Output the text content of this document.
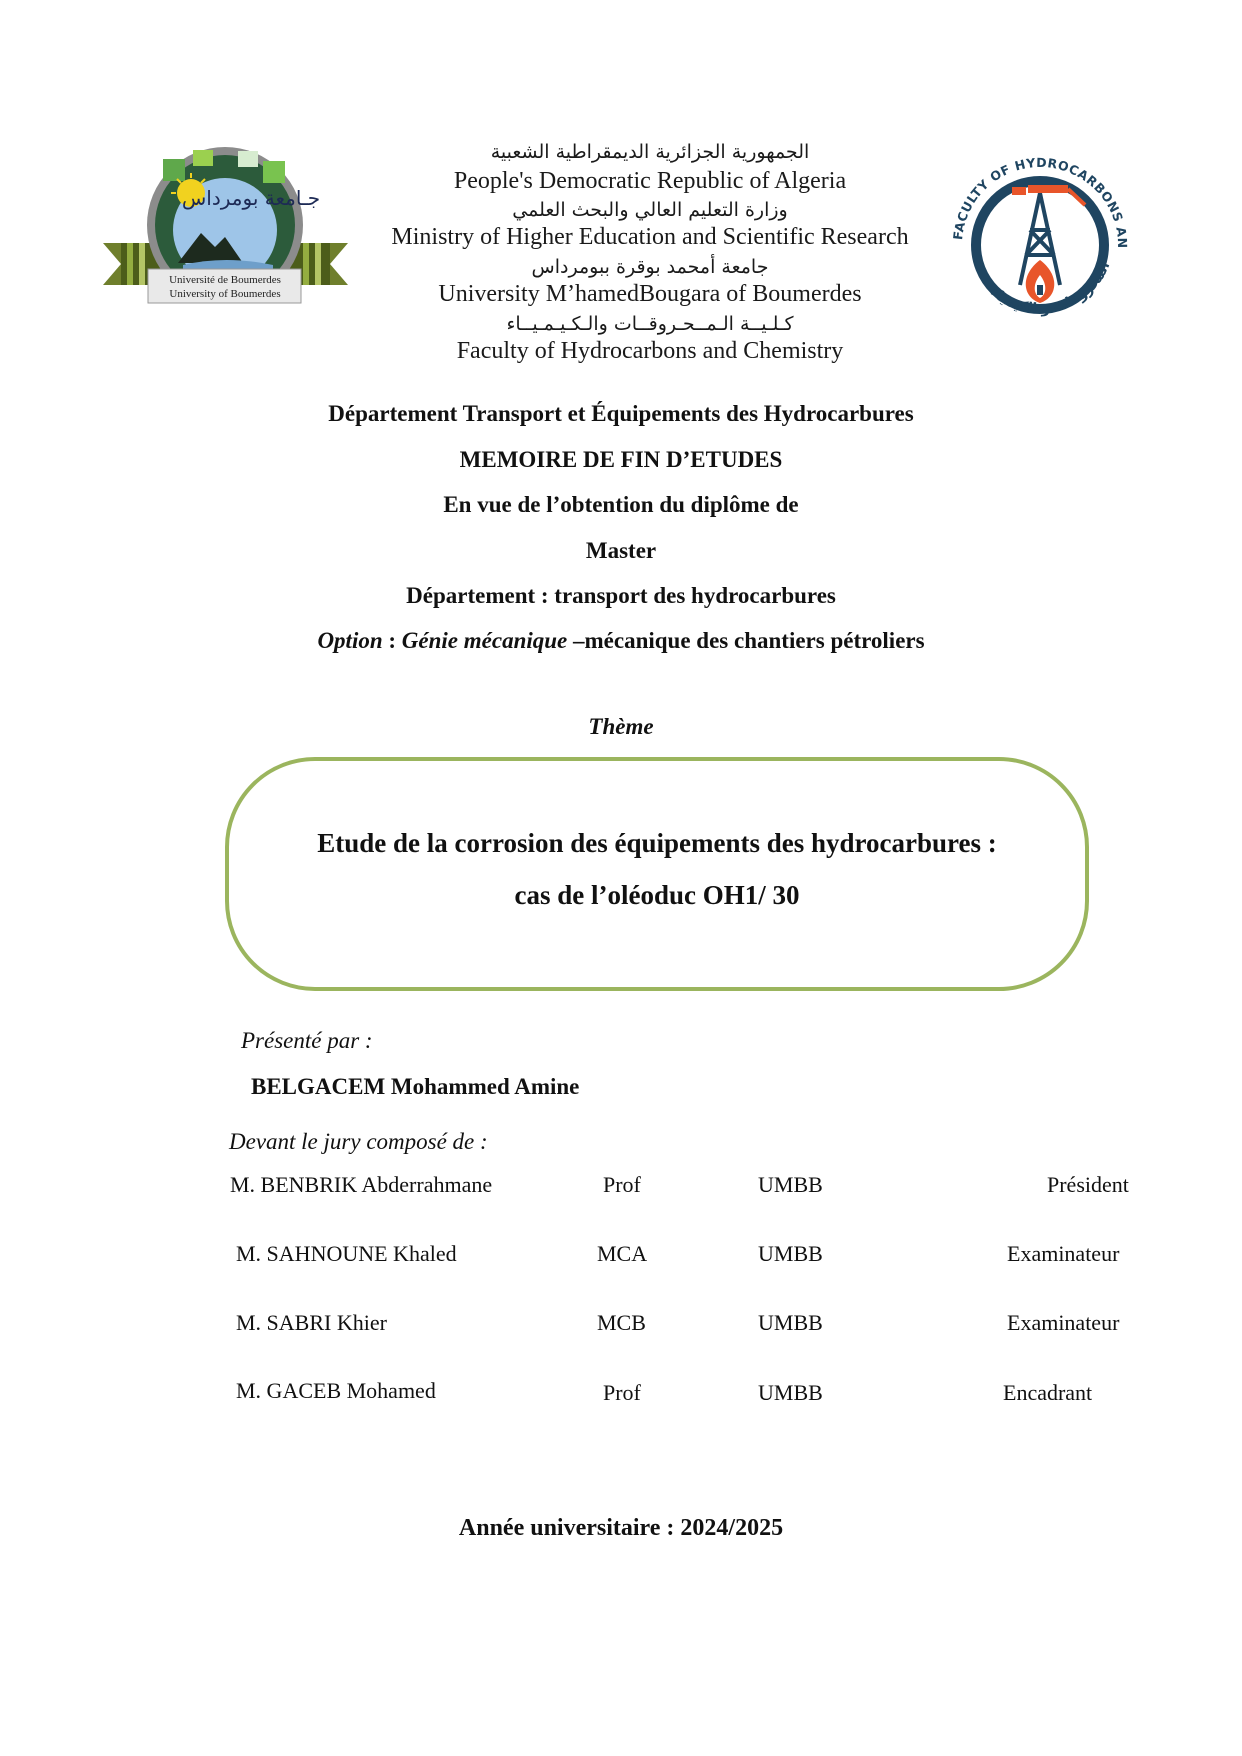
جـامعة بومرداس
Université de Boumerdes
University of Boumerdes
FACULTY OF HYDROCARBONS AN
المحروقات و الكيمياء
الجمهورية الجزائرية الديمقراطية الشعبية
People's Democratic Republic of Algeria
وزارة التعليم العالي والبحث العلمي
Ministry of Higher Education and Scientific Research
جامعة أمحمد بوقرة ببومرداس
University M’hamedBougara of Boumerdes
كـلـيــة الـمــحـروقــات والـكـيـمـيــاء
Faculty of Hydrocarbons and Chemistry
Département Transport et Équipements des Hydrocarbures
MEMOIRE DE FIN D’ETUDES
En vue de l’obtention du diplôme de
Master
Département : transport des hydrocarbures
Option : Génie mécanique –mécanique des chantiers pétroliers
Thème
Etude de la corrosion des équipements des hydrocarbures :
cas de l’oléoduc OH1/ 30
Présenté par :
BELGACEM Mohammed Amine
Devant le jury composé de :
M. BENBRIK Abderrahmane	Prof	UMBB	Président
M. SAHNOUNE Khaled	MCA	UMBB	Examinateur
M. SABRI Khier	MCB	UMBB	Examinateur
M. GACEB Mohamed	Prof	UMBB	Encadrant
Année universitaire : 2024/2025
